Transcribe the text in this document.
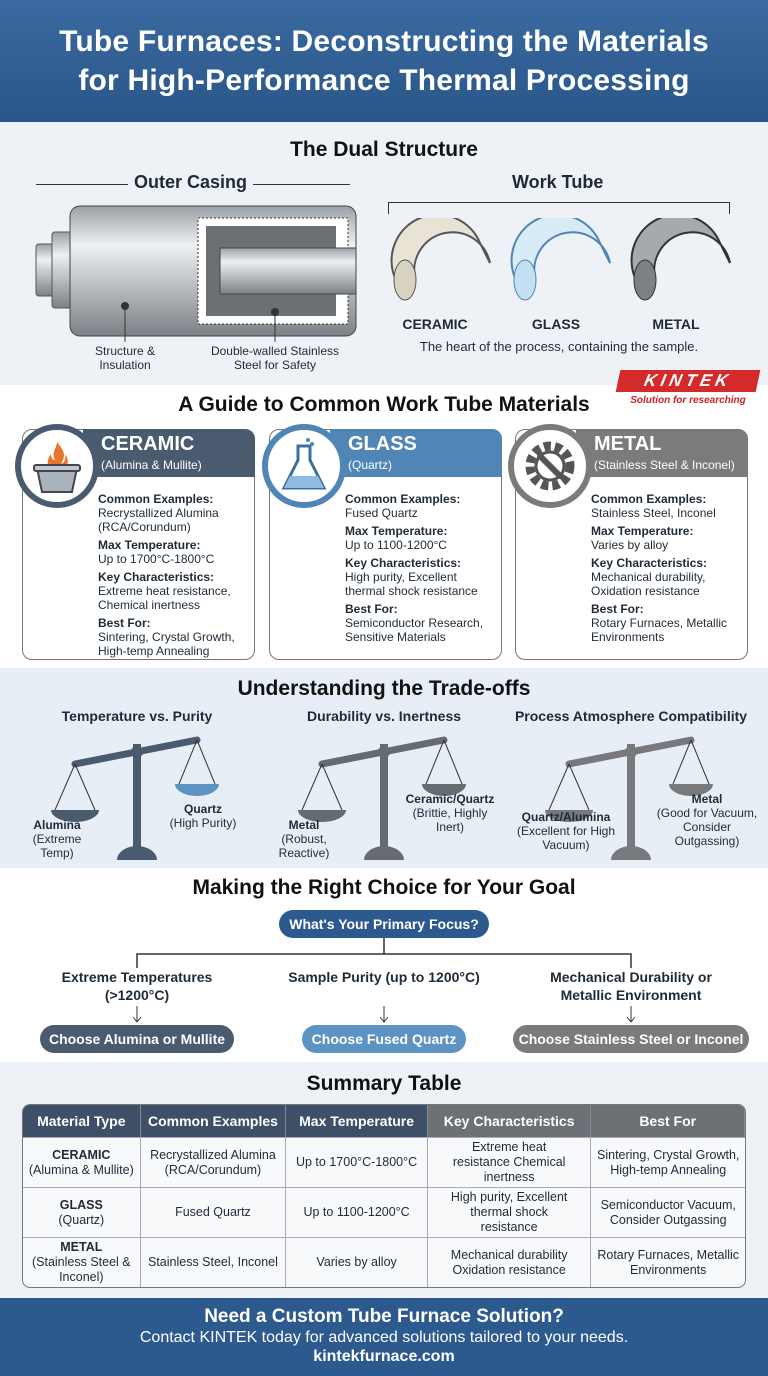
Tube Furnaces: Deconstructing the Materials
for High-Performance Thermal Processing
The Dual Structure
Outer Casing	Work Tube
Structure &
Insulation
Double-walled Stainless
Steel for Safety
CERAMIC	GLASS	METAL
The heart of the process, containing the sample.
KINTEK
Solution for researching
A Guide to Common Work Tube Materials
CERAMIC
(Alumina & Mullite)
Common Examples:
Recrystallized Alumina (RCA/Corundum)
Max Temperature:
Up to 1700°C-1800°C
Key Characteristics:
Extreme heat resistance, Chemical inertness
Best For:
Sintering, Crystal Growth, High-temp Annealing
GLASS
(Quartz)
Common Examples:
Fused Quartz
Max Temperature:
Up to 1100-1200°C
Key Characteristics:
High purity, Excellent thermal shock resistance
Best For:
Semiconductor Research, Sensitive Materials
METAL
(Stainless Steel & Inconel)
Common Examples:
Stainless Steel, Inconel
Max Temperature:
Varies by alloy
Key Characteristics:
Mechanical durability, Oxidation resistance
Best For:
Rotary Furnaces, Metallic Environments
Understanding the Trade-offs
Temperature vs. Purity
Alumina
(Extreme Temp)
Quartz
(High Purity)
Durability vs. Inertness
Metal
(Robust, Reactive)
Ceramic/Quartz
(Brittie, Highly Inert)
Process Atmosphere Compatibility
Quartz/Alumina
(Excellent for High Vacuum)
Metal
(Good for Vacuum, Consider Outgassing)
Making the Right Choice for Your Goal
What's Your Primary Focus?
Extreme Temperatures (>1200°C)
Choose Alumina or Mullite
Sample Purity (up to 1200°C)
Choose Fused Quartz
Mechanical Durability or Metallic Environment
Choose Stainless Steel or Inconel
Summary Table
Material Type	Common Examples	Max Temperature	Key Characteristics	Best For
CERAMIC
(Alumina & Mullite)	Recrystallized Alumina (RCA/Corundum)	Up to 1700°C-1800°C	Extreme heat resistance Chemical inertness	Sintering, Crystal Growth, High-temp Annealing
GLASS
(Quartz)	Fused Quartz	Up to 1100-1200°C	High purity, Excellent thermal shock resistance	Semiconductor Vacuum, Consider Outgassing
METAL
(Stainless Steel & Inconel)	Stainless Steel, Inconel	Varies by alloy	Mechanical durability Oxidation resistance	Rotary Furnaces, Metallic Environments
Need a Custom Tube Furnace Solution?
Contact KINTEK today for advanced solutions tailored to your needs.
kintekfurnace.com
